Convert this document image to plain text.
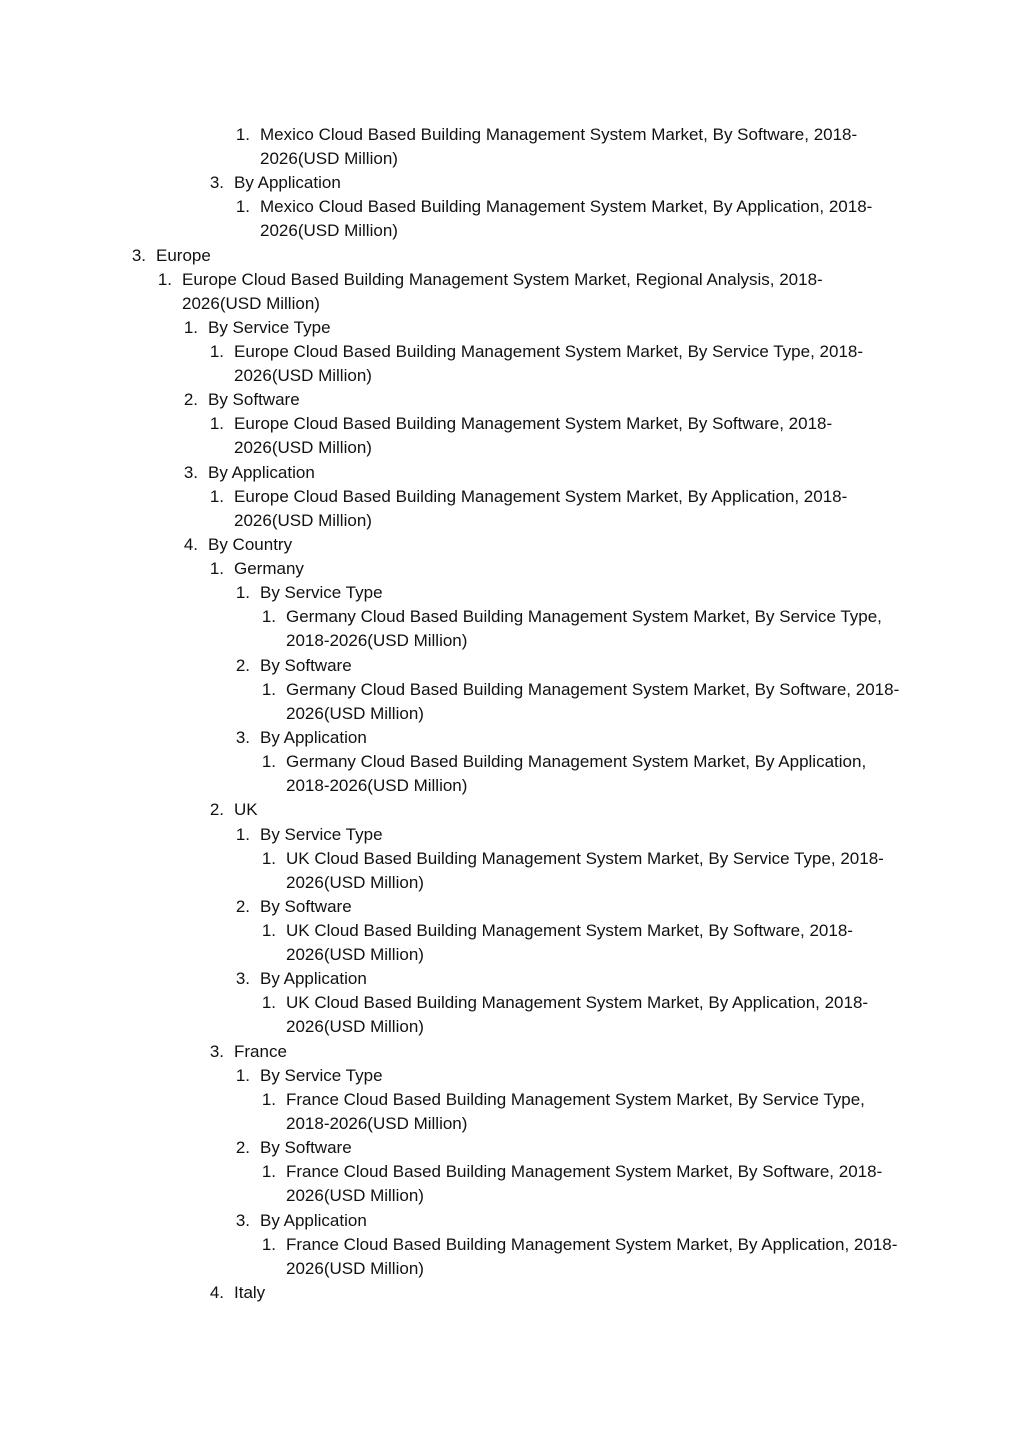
1. Mexico Cloud Based Building Management System Market, By Software, 2018-2026(USD Million)
3. By Application
1. Mexico Cloud Based Building Management System Market, By Application, 2018-2026(USD Million)
3. Europe
1. Europe Cloud Based Building Management System Market, Regional Analysis, 2018-2026(USD Million)
1. By Service Type
1. Europe Cloud Based Building Management System Market, By Service Type, 2018-2026(USD Million)
2. By Software
1. Europe Cloud Based Building Management System Market, By Software, 2018-2026(USD Million)
3. By Application
1. Europe Cloud Based Building Management System Market, By Application, 2018-2026(USD Million)
4. By Country
1. Germany
1. By Service Type
1. Germany Cloud Based Building Management System Market, By Service Type, 2018-2026(USD Million)
2. By Software
1. Germany Cloud Based Building Management System Market, By Software, 2018-2026(USD Million)
3. By Application
1. Germany Cloud Based Building Management System Market, By Application, 2018-2026(USD Million)
2. UK
1. By Service Type
1. UK Cloud Based Building Management System Market, By Service Type, 2018-2026(USD Million)
2. By Software
1. UK Cloud Based Building Management System Market, By Software, 2018-2026(USD Million)
3. By Application
1. UK Cloud Based Building Management System Market, By Application, 2018-2026(USD Million)
3. France
1. By Service Type
1. France Cloud Based Building Management System Market, By Service Type, 2018-2026(USD Million)
2. By Software
1. France Cloud Based Building Management System Market, By Software, 2018-2026(USD Million)
3. By Application
1. France Cloud Based Building Management System Market, By Application, 2018-2026(USD Million)
4. Italy
